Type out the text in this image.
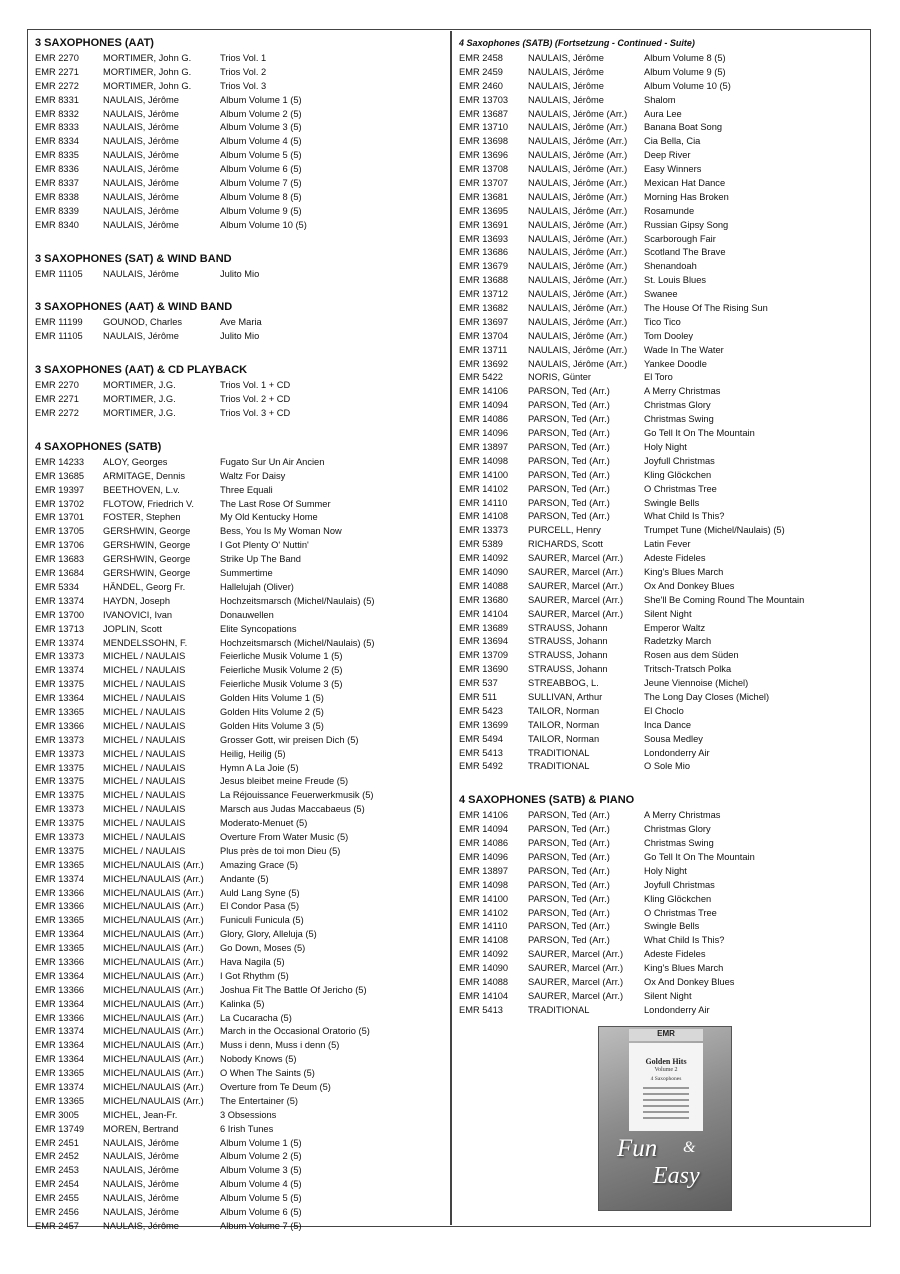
3 SAXOPHONES (AAT)
EMR 2270	MORTIMER, John G.	Trios Vol. 1
EMR 2271	MORTIMER, John G.	Trios Vol. 2
EMR 2272	MORTIMER, John G.	Trios Vol. 3
EMR 8331	NAULAIS, Jérôme	Album Volume 1 (5)
EMR 8332	NAULAIS, Jérôme	Album Volume 2 (5)
EMR 8333	NAULAIS, Jérôme	Album Volume 3 (5)
EMR 8334	NAULAIS, Jérôme	Album Volume 4 (5)
EMR 8335	NAULAIS, Jérôme	Album Volume 5 (5)
EMR 8336	NAULAIS, Jérôme	Album Volume 6 (5)
EMR 8337	NAULAIS, Jérôme	Album Volume 7 (5)
EMR 8338	NAULAIS, Jérôme	Album Volume 8 (5)
EMR 8339	NAULAIS, Jérôme	Album Volume 9 (5)
EMR 8340	NAULAIS, Jérôme	Album Volume 10 (5)
3 SAXOPHONES (SAT) & WIND BAND
EMR 11105	NAULAIS, Jérôme	Julito Mio
3 SAXOPHONES (AAT) & WIND BAND
EMR 11199	GOUNOD, Charles	Ave Maria
EMR 11105	NAULAIS, Jérôme	Julito Mio
3 SAXOPHONES (AAT) & CD PLAYBACK
EMR 2270	MORTIMER, J.G.	Trios Vol. 1 + CD
EMR 2271	MORTIMER, J.G.	Trios Vol. 2 + CD
EMR 2272	MORTIMER, J.G.	Trios Vol. 3 + CD
4 SAXOPHONES (SATB)
EMR 14233	ALOY, Georges	Fugato Sur Un Air Ancien
EMR 13685	ARMITAGE, Dennis	Waltz For Daisy
EMR 19397	BEETHOVEN, L.v.	Three Equali
EMR 13702	FLOTOW, Friedrich V.	The Last Rose Of Summer
EMR 13701	FOSTER, Stephen	My Old Kentucky Home
EMR 13705	GERSHWIN, George	Bess, You Is My Woman Now
EMR 13706	GERSHWIN, George	I Got Plenty O' Nuttin'
EMR 13683	GERSHWIN, George	Strike Up The Band
EMR 13684	GERSHWIN, George	Summertime
EMR 5334	HÄNDEL, Georg Fr.	Hallelujah (Oliver)
EMR 13374	HAYDN, Joseph	Hochzeitsmarsch (Michel/Naulais) (5)
EMR 13700	IVANOVICI, Ivan	Donauwellen
EMR 13713	JOPLIN, Scott	Elite Syncopations
EMR 13374	MENDELSSOHN, F.	Hochzeitsmarsch (Michel/Naulais) (5)
EMR 13373	MICHEL / NAULAIS	Feierliche Musik Volume 1 (5)
EMR 13374	MICHEL / NAULAIS	Feierliche Musik Volume 2 (5)
EMR 13375	MICHEL / NAULAIS	Feierliche Musik Volume 3 (5)
EMR 13364	MICHEL / NAULAIS	Golden Hits Volume 1 (5)
EMR 13365	MICHEL / NAULAIS	Golden Hits Volume 2 (5)
EMR 13366	MICHEL / NAULAIS	Golden Hits Volume 3 (5)
EMR 13373	MICHEL / NAULAIS	Grosser Gott, wir preisen Dich (5)
EMR 13373	MICHEL / NAULAIS	Heilig, Heilig (5)
EMR 13375	MICHEL / NAULAIS	Hymn A La Joie (5)
EMR 13375	MICHEL / NAULAIS	Jesus bleibet meine Freude (5)
EMR 13375	MICHEL / NAULAIS	La Réjouissance Feuerwerkmusik (5)
EMR 13373	MICHEL / NAULAIS	Marsch aus Judas Maccabaeus (5)
EMR 13375	MICHEL / NAULAIS	Moderato-Menuet (5)
EMR 13373	MICHEL / NAULAIS	Overture From Water Music (5)
EMR 13375	MICHEL / NAULAIS	Plus près de toi mon Dieu (5)
EMR 13365	MICHEL/NAULAIS (Arr.)	Amazing Grace (5)
EMR 13374	MICHEL/NAULAIS (Arr.)	Andante (5)
EMR 13366	MICHEL/NAULAIS (Arr.)	Auld Lang Syne (5)
EMR 13366	MICHEL/NAULAIS (Arr.)	El Condor Pasa (5)
EMR 13365	MICHEL/NAULAIS (Arr.)	Funiculi Funicula (5)
EMR 13364	MICHEL/NAULAIS (Arr.)	Glory, Glory, Alleluja (5)
EMR 13365	MICHEL/NAULAIS (Arr.)	Go Down, Moses (5)
EMR 13366	MICHEL/NAULAIS (Arr.)	Hava Nagila (5)
EMR 13364	MICHEL/NAULAIS (Arr.)	I Got Rhythm (5)
EMR 13366	MICHEL/NAULAIS (Arr.)	Joshua Fit The Battle Of Jericho (5)
EMR 13364	MICHEL/NAULAIS (Arr.)	Kalinka (5)
EMR 13366	MICHEL/NAULAIS (Arr.)	La Cucaracha (5)
EMR 13374	MICHEL/NAULAIS (Arr.)	March in the Occasional Oratorio (5)
EMR 13364	MICHEL/NAULAIS (Arr.)	Muss i denn, Muss i denn (5)
EMR 13364	MICHEL/NAULAIS (Arr.)	Nobody Knows (5)
EMR 13365	MICHEL/NAULAIS (Arr.)	O When The Saints (5)
EMR 13374	MICHEL/NAULAIS (Arr.)	Overture from Te Deum (5)
EMR 13365	MICHEL/NAULAIS (Arr.)	The Entertainer (5)
EMR 3005	MICHEL, Jean-Fr.	3 Obsessions
EMR 13749	MOREN, Bertrand	6 Irish Tunes
EMR 2451	NAULAIS, Jérôme	Album Volume 1 (5)
EMR 2452	NAULAIS, Jérôme	Album Volume 2 (5)
EMR 2453	NAULAIS, Jérôme	Album Volume 3 (5)
EMR 2454	NAULAIS, Jérôme	Album Volume 4 (5)
EMR 2455	NAULAIS, Jérôme	Album Volume 5 (5)
EMR 2456	NAULAIS, Jérôme	Album Volume 6 (5)
EMR 2457	NAULAIS, Jérôme	Album Volume 7 (5)
4 Saxophones (SATB) (Fortsetzung - Continued - Suite)
EMR 2458	NAULAIS, Jérôme	Album Volume 8 (5)
EMR 2459	NAULAIS, Jérôme	Album Volume 9 (5)
EMR 2460	NAULAIS, Jérôme	Album Volume 10 (5)
EMR 13703	NAULAIS, Jérôme	Shalom
EMR 13687	NAULAIS, Jérôme (Arr.)	Aura Lee
EMR 13710	NAULAIS, Jérôme (Arr.)	Banana Boat Song
EMR 13698	NAULAIS, Jérôme (Arr.)	Cia Bella, Cia
EMR 13696	NAULAIS, Jérôme (Arr.)	Deep River
EMR 13708	NAULAIS, Jérôme (Arr.)	Easy Winners
EMR 13707	NAULAIS, Jérôme (Arr.)	Mexican Hat Dance
EMR 13681	NAULAIS, Jérôme (Arr.)	Morning Has Broken
EMR 13695	NAULAIS, Jérôme (Arr.)	Rosamunde
EMR 13691	NAULAIS, Jérôme (Arr.)	Russian Gipsy Song
EMR 13693	NAULAIS, Jérôme (Arr.)	Scarborough Fair
EMR 13686	NAULAIS, Jérôme (Arr.)	Scotland The Brave
EMR 13679	NAULAIS, Jérôme (Arr.)	Shenandoah
EMR 13688	NAULAIS, Jérôme (Arr.)	St. Louis Blues
EMR 13712	NAULAIS, Jérôme (Arr.)	Swanee
EMR 13682	NAULAIS, Jérôme (Arr.)	The House Of The Rising Sun
EMR 13697	NAULAIS, Jérôme (Arr.)	Tico Tico
EMR 13704	NAULAIS, Jérôme (Arr.)	Tom Dooley
EMR 13711	NAULAIS, Jérôme (Arr.)	Wade In The Water
EMR 13692	NAULAIS, Jérôme (Arr.)	Yankee Doodle
EMR 5422	NORIS, Günter	El Toro
EMR 14106	PARSON, Ted (Arr.)	A Merry Christmas
EMR 14094	PARSON, Ted (Arr.)	Christmas Glory
EMR 14086	PARSON, Ted (Arr.)	Christmas Swing
EMR 14096	PARSON, Ted (Arr.)	Go Tell It On The Mountain
EMR 13897	PARSON, Ted (Arr.)	Holy Night
EMR 14098	PARSON, Ted (Arr.)	Joyfull Christmas
EMR 14100	PARSON, Ted (Arr.)	Kling Glöckchen
EMR 14102	PARSON, Ted (Arr.)	O Christmas Tree
EMR 14110	PARSON, Ted (Arr.)	Swingle Bells
EMR 14108	PARSON, Ted (Arr.)	What Child Is This?
EMR 13373	PURCELL, Henry	Trumpet Tune (Michel/Naulais) (5)
EMR 5389	RICHARDS, Scott	Latin Fever
EMR 14092	SAURER, Marcel (Arr.)	Adeste Fideles
EMR 14090	SAURER, Marcel (Arr.)	King's Blues March
EMR 14088	SAURER, Marcel (Arr.)	Ox And Donkey Blues
EMR 13680	SAURER, Marcel (Arr.)	She'll Be Coming Round The Mountain
EMR 14104	SAURER, Marcel (Arr.)	Silent Night
EMR 13689	STRAUSS, Johann	Emperor Waltz
EMR 13694	STRAUSS, Johann	Radetzky March
EMR 13709	STRAUSS, Johann	Rosen aus dem Süden
EMR 13690	STRAUSS, Johann	Tritsch-Tratsch Polka
EMR 537	STREABBOG, L.	Jeune Viennoise (Michel)
EMR 511	SULLIVAN, Arthur	The Long Day Closes (Michel)
EMR 5423	TAILOR, Norman	El Choclo
EMR 13699	TAILOR, Norman	Inca Dance
EMR 5494	TAILOR, Norman	Sousa Medley
EMR 5413	TRADITIONAL	Londonderry Air
EMR 5492	TRADITIONAL	O Sole Mio
4 SAXOPHONES (SATB) & PIANO
EMR 14106	PARSON, Ted (Arr.)	A Merry Christmas
EMR 14094	PARSON, Ted (Arr.)	Christmas Glory
EMR 14086	PARSON, Ted (Arr.)	Christmas Swing
EMR 14096	PARSON, Ted (Arr.)	Go Tell It On The Mountain
EMR 13897	PARSON, Ted (Arr.)	Holy Night
EMR 14098	PARSON, Ted (Arr.)	Joyfull Christmas
EMR 14100	PARSON, Ted (Arr.)	Kling Glöckchen
EMR 14102	PARSON, Ted (Arr.)	O Christmas Tree
EMR 14110	PARSON, Ted (Arr.)	Swingle Bells
EMR 14108	PARSON, Ted (Arr.)	What Child Is This?
EMR 14092	SAURER, Marcel (Arr.)	Adeste Fideles
EMR 14090	SAURER, Marcel (Arr.)	King's Blues March
EMR 14088	SAURER, Marcel (Arr.)	Ox And Donkey Blues
EMR 14104	SAURER, Marcel (Arr.)	Silent Night
EMR 5413	TRADITIONAL	Londonderry Air
EMR
Golden Hits
Volume 2
4 Saxophones
Fun &
Easy
